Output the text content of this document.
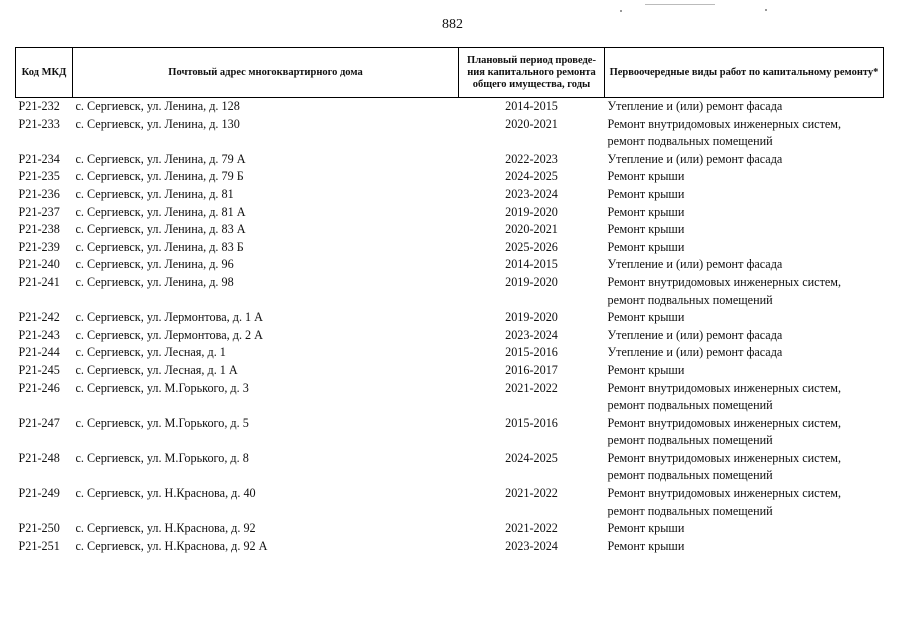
882
Код МКД	Почтовый адрес многоквартирного дома	Плановый период проведе-ния капитального ремонта общего имущества, годы	Первоочередные виды работ по капитальному ремонту*
Р21-232	с. Сергиевск, ул. Ленина, д. 128	2014-2015	Утепление и (или) ремонт фасада

Р21-233	с. Сергиевск, ул. Ленина, д. 130	2020-2021	Ремонт внутридомовых инженерных систем,
ремонт подвальных помещений

Р21-234	с. Сергиевск, ул. Ленина, д. 79 А	2022-2023	Утепление и (или) ремонт фасада

Р21-235	с. Сергиевск, ул. Ленина, д. 79 Б	2024-2025	Ремонт крыши

Р21-236	с. Сергиевск, ул. Ленина, д. 81	2023-2024	Ремонт крыши

Р21-237	с. Сергиевск, ул. Ленина, д. 81 А	2019-2020	Ремонт крыши

Р21-238	с. Сергиевск, ул. Ленина, д. 83 А	2020-2021	Ремонт крыши

Р21-239	с. Сергиевск, ул. Ленина, д. 83 Б	2025-2026	Ремонт крыши

Р21-240	с. Сергиевск, ул. Ленина, д. 96	2014-2015	Утепление и (или) ремонт фасада

Р21-241	с. Сергиевск, ул. Ленина, д. 98	2019-2020	Ремонт внутридомовых инженерных систем,
ремонт подвальных помещений

Р21-242	с. Сергиевск, ул. Лермонтова, д. 1 А	2019-2020	Ремонт крыши

Р21-243	с. Сергиевск, ул. Лермонтова, д. 2 А	2023-2024	Утепление и (или) ремонт фасада

Р21-244	с. Сергиевск, ул. Лесная, д. 1	2015-2016	Утепление и (или) ремонт фасада

Р21-245	с. Сергиевск, ул. Лесная, д. 1 А	2016-2017	Ремонт крыши

Р21-246	с. Сергиевск, ул. М.Горького, д. 3	2021-2022	Ремонт внутридомовых инженерных систем,
ремонт подвальных помещений

Р21-247	с. Сергиевск, ул. М.Горького, д. 5	2015-2016	Ремонт внутридомовых инженерных систем,
ремонт подвальных помещений

Р21-248	с. Сергиевск, ул. М.Горького, д. 8	2024-2025	Ремонт внутридомовых инженерных систем,
ремонт подвальных помещений

Р21-249	с. Сергиевск, ул. Н.Краснова, д. 40	2021-2022	Ремонт внутридомовых инженерных систем,
ремонт подвальных помещений

Р21-250	с. Сергиевск, ул. Н.Краснова, д. 92	2021-2022	Ремонт крыши

Р21-251	с. Сергиевск, ул. Н.Краснова, д. 92 А	2023-2024	Ремонт крыши
